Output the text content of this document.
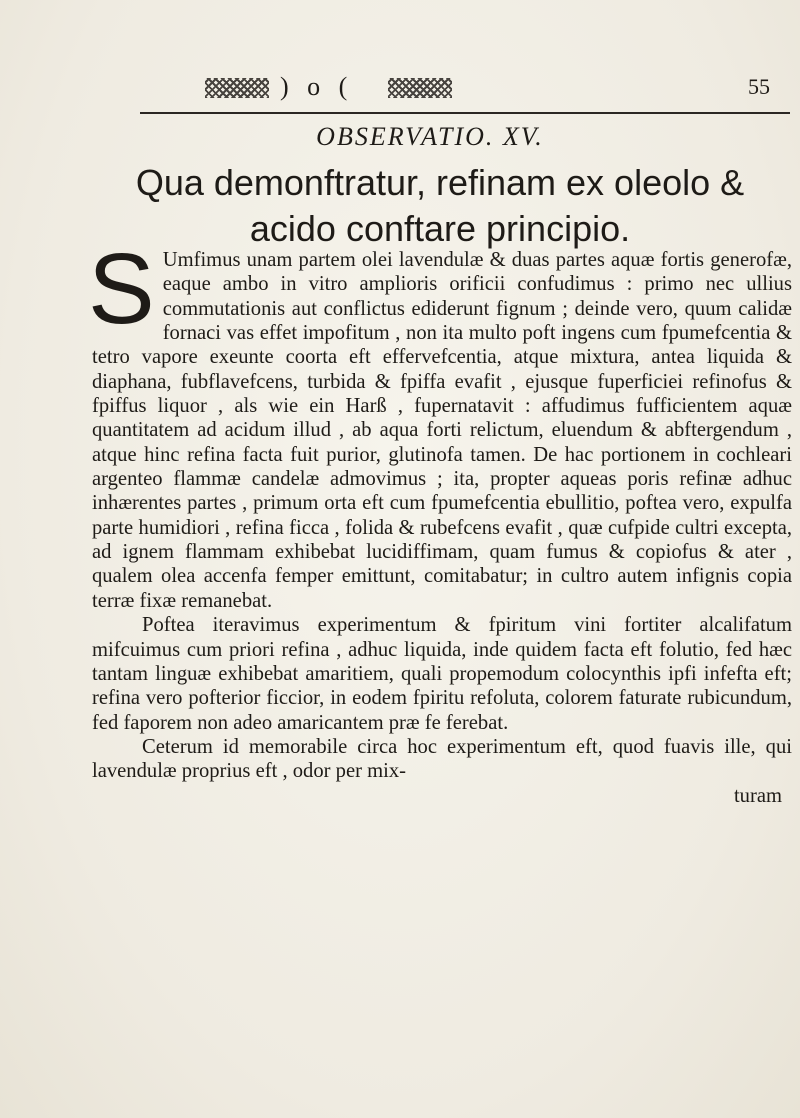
) o (	55
OBSERVATIO. XV.
Qua demonftratur, refinam ex oleolo &
acido conftare principio.

S Umfimus unam partem olei lavendulæ & duas partes aquæ fortis generofæ, eaque ambo in vitro amplioris orificii confudimus : primo nec ullius commutationis aut conflictus ediderunt fignum ; deinde vero, quum calidæ fornaci vas effet impofitum , non ita multo poft ingens cum fpumefcentia & tetro vapore exeunte coorta eft effervefcentia, atque mixtura, antea liquida & diaphana, fubflavefcens, turbida & fpiffa evafit , ejusque fuperficiei refinofus & fpiffus liquor , als wie ein Harß , fupernatavit : affudimus fufficientem aquæ quantitatem ad acidum illud , ab aqua forti relictum, eluendum & abftergendum , atque hinc refina facta fuit purior, glutinofa tamen. De hac portionem in cochleari argenteo flammæ candelæ admovimus ; ita, propter aqueas poris refinæ adhuc inhærentes partes , primum orta eft cum fpumefcentia ebullitio, poftea vero, expulfa parte humidiori , refina ficca , folida & rubefcens evafit , quæ cufpide cultri excepta, ad ignem flammam exhibebat lucidiffimam, quam fumus & copiofus & ater , qualem olea accenfa femper emittunt, comitabatur; in cultro autem infignis copia terræ fixæ remanebat.

Poftea iteravimus experimentum & fpiritum vini fortiter alcalifatum mifcuimus cum priori refina , adhuc liquida, inde quidem facta eft folutio, fed hæc tantam linguæ exhibebat amaritiem, quali propemodum colocynthis ipfi infefta eft; refina vero pofterior ficcior, in eodem fpiritu refoluta, colorem faturate rubicundum, fed faporem non adeo amaricantem præ fe ferebat.

Ceterum id memorabile circa hoc experimentum eft, quod fuavis ille, qui lavendulæ proprius eft , odor per mix-

turam
